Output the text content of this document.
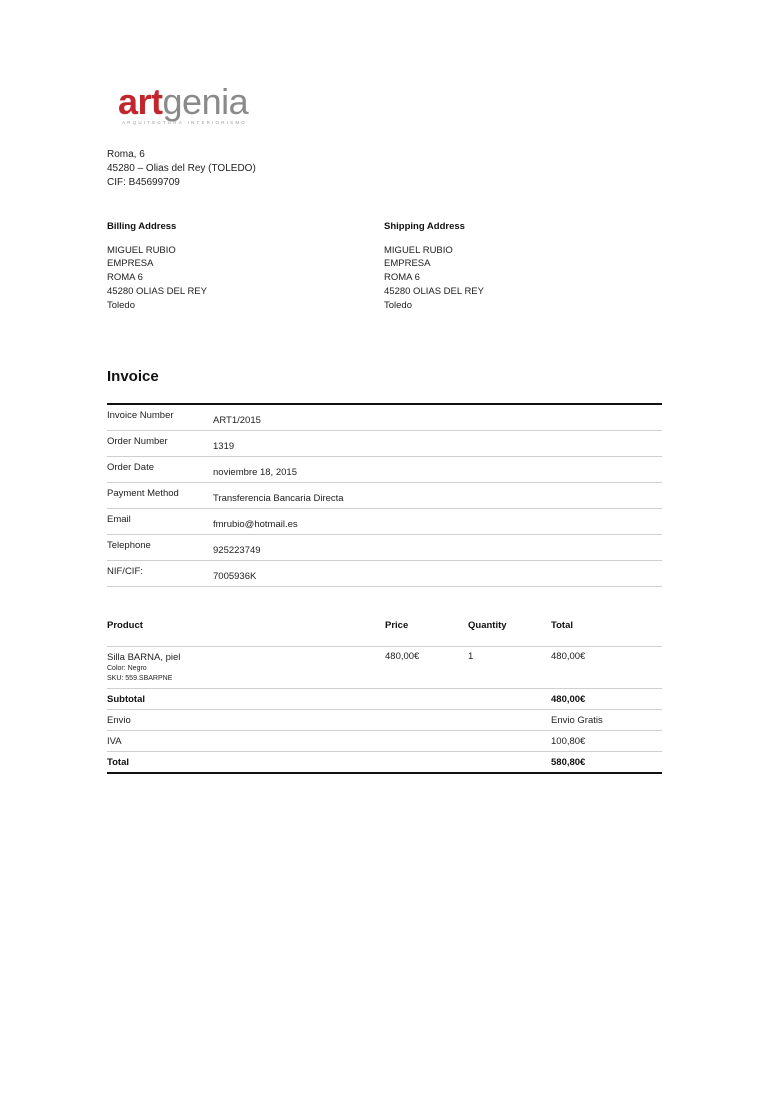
artgenia
ARQUITECTURA·INTERIORISMO
Roma, 6
45280 – Olias del Rey (TOLEDO)
CIF: B45699709
Billing Address
MIGUEL RUBIO
EMPRESA
ROMA 6
45280 OLIAS DEL REY
Toledo
Shipping Address
MIGUEL RUBIO
EMPRESA
ROMA 6
45280 OLIAS DEL REY
Toledo
Invoice
Invoice Number	ART1/2015
Order Number	1319
Order Date	noviembre 18, 2015
Payment Method	Transferencia Bancaria Directa
Email	fmrubio@hotmail.es
Telephone	925223749
NIF/CIF:	7005936K
Product	Price	Quantity	Total
Silla BARNA, piel
Color: Negro
SKU: 559.SBARPNE
480,00€	1	480,00€
Subtotal	480,00€
Envio	Envio Gratis
IVA	100,80€
Total	580,80€
